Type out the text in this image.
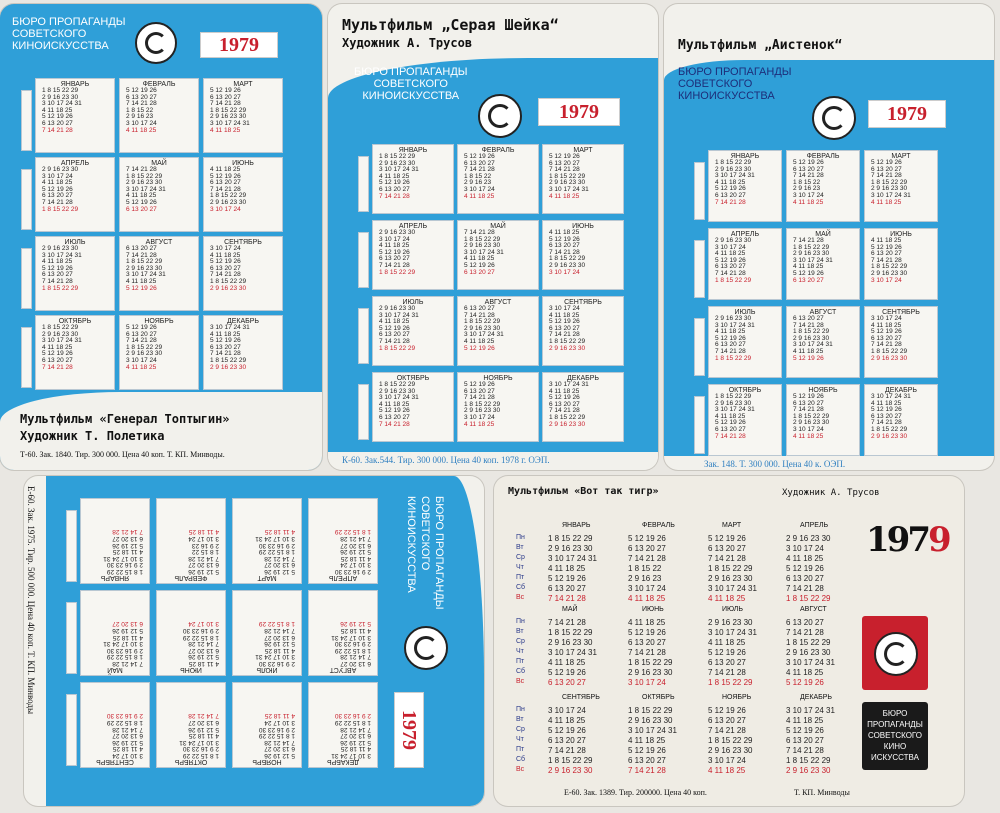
БЮРО ПРОПАГАНДЫ
СОВЕТСКОГО
КИНОИСКУССТВА	1979
Мультфильм «Генерал Топтыгин»
Художник Т. Полетика
Т-60. Зак. 1840. Тир. 300 000. Цена 40 коп. Т. КП. Минводы.
ЯНВАРЬ
1 8 15 22 29
2 9 16 23 30
3 10 17 24 31
4 11 18 25
5 12 19 26
6 13 20 27
7 14 21 28
ФЕВРАЛЬ
5 12 19 26
6 13 20 27
7 14 21 28
1 8 15 22
2 9 16 23
3 10 17 24
4 11 18 25
МАРТ
5 12 19 26
6 13 20 27
7 14 21 28
1 8 15 22 29
2 9 16 23 30
3 10 17 24 31
4 11 18 25
АПРЕЛЬ
2 9 16 23 30
3 10 17 24
4 11 18 25
5 12 19 26
6 13 20 27
7 14 21 28
1 8 15 22 29
МАЙ
7 14 21 28
1 8 15 22 29
2 9 16 23 30
3 10 17 24 31
4 11 18 25
5 12 19 26
6 13 20 27
ИЮНЬ
4 11 18 25
5 12 19 26
6 13 20 27
7 14 21 28
1 8 15 22 29
2 9 16 23 30
3 10 17 24
ИЮЛЬ
2 9 16 23 30
3 10 17 24 31
4 11 18 25
5 12 19 26
6 13 20 27
7 14 21 28
1 8 15 22 29
АВГУСТ
6 13 20 27
7 14 21 28
1 8 15 22 29
2 9 16 23 30
3 10 17 24 31
4 11 18 25
5 12 19 26
СЕНТЯБРЬ
3 10 17 24
4 11 18 25
5 12 19 26
6 13 20 27
7 14 21 28
1 8 15 22 29
2 9 16 23 30
ОКТЯБРЬ
1 8 15 22 29
2 9 16 23 30
3 10 17 24 31
4 11 18 25
5 12 19 26
6 13 20 27
7 14 21 28
НОЯБРЬ
5 12 19 26
6 13 20 27
7 14 21 28
1 8 15 22 29
2 9 16 23 30
3 10 17 24
4 11 18 25
ДЕКАБРЬ
3 10 17 24 31
4 11 18 25
5 12 19 26
6 13 20 27
7 14 21 28
1 8 15 22 29
2 9 16 23 30
Мультфильм „Серая Шейка“
Художник А. Трусов
БЮРО ПРОПАГАНДЫ
СОВЕТСКОГО
КИНОИСКУССТВА
1979
К-60. Зак.544. Тир. 300 000. Цена 40 коп. 1978 г. ОЭП.
ЯНВАРЬ
1 8 15 22 29
2 9 16 23 30
3 10 17 24 31
4 11 18 25
5 12 19 26
6 13 20 27
7 14 21 28
ФЕВРАЛЬ
5 12 19 26
6 13 20 27
7 14 21 28
1 8 15 22
2 9 16 23
3 10 17 24
4 11 18 25
МАРТ
5 12 19 26
6 13 20 27
7 14 21 28
1 8 15 22 29
2 9 16 23 30
3 10 17 24 31
4 11 18 25
АПРЕЛЬ
2 9 16 23 30
3 10 17 24
4 11 18 25
5 12 19 26
6 13 20 27
7 14 21 28
1 8 15 22 29
МАЙ
7 14 21 28
1 8 15 22 29
2 9 16 23 30
3 10 17 24 31
4 11 18 25
5 12 19 26
6 13 20 27
ИЮНЬ
4 11 18 25
5 12 19 26
6 13 20 27
7 14 21 28
1 8 15 22 29
2 9 16 23 30
3 10 17 24
ИЮЛЬ
2 9 16 23 30
3 10 17 24 31
4 11 18 25
5 12 19 26
6 13 20 27
7 14 21 28
1 8 15 22 29
АВГУСТ
6 13 20 27
7 14 21 28
1 8 15 22 29
2 9 16 23 30
3 10 17 24 31
4 11 18 25
5 12 19 26
СЕНТЯБРЬ
3 10 17 24
4 11 18 25
5 12 19 26
6 13 20 27
7 14 21 28
1 8 15 22 29
2 9 16 23 30
ОКТЯБРЬ
1 8 15 22 29
2 9 16 23 30
3 10 17 24 31
4 11 18 25
5 12 19 26
6 13 20 27
7 14 21 28
НОЯБРЬ
5 12 19 26
6 13 20 27
7 14 21 28
1 8 15 22 29
2 9 16 23 30
3 10 17 24
4 11 18 25
ДЕКАБРЬ
3 10 17 24 31
4 11 18 25
5 12 19 26
6 13 20 27
7 14 21 28
1 8 15 22 29
2 9 16 23 30
Мультфильм „Аистенок“
БЮРО ПРОПАГАНДЫ
СОВЕТСКОГО
КИНОИСКУССТВА
1979
Зак. 148. Т. 300 000. Цена 40 к. ОЭП.
ЯНВАРЬ
1 8 15 22 29
2 9 16 23 30
3 10 17 24 31
4 11 18 25
5 12 19 26
6 13 20 27
7 14 21 28
ФЕВРАЛЬ
5 12 19 26
6 13 20 27
7 14 21 28
1 8 15 22
2 9 16 23
3 10 17 24
4 11 18 25
МАРТ
5 12 19 26
6 13 20 27
7 14 21 28
1 8 15 22 29
2 9 16 23 30
3 10 17 24 31
4 11 18 25
АПРЕЛЬ
2 9 16 23 30
3 10 17 24
4 11 18 25
5 12 19 26
6 13 20 27
7 14 21 28
1 8 15 22 29
МАЙ
7 14 21 28
1 8 15 22 29
2 9 16 23 30
3 10 17 24 31
4 11 18 25
5 12 19 26
6 13 20 27
ИЮНЬ
4 11 18 25
5 12 19 26
6 13 20 27
7 14 21 28
1 8 15 22 29
2 9 16 23 30
3 10 17 24
ИЮЛЬ
2 9 16 23 30
3 10 17 24 31
4 11 18 25
5 12 19 26
6 13 20 27
7 14 21 28
1 8 15 22 29
АВГУСТ
6 13 20 27
7 14 21 28
1 8 15 22 29
2 9 16 23 30
3 10 17 24 31
4 11 18 25
5 12 19 26
СЕНТЯБРЬ
3 10 17 24
4 11 18 25
5 12 19 26
6 13 20 27
7 14 21 28
1 8 15 22 29
2 9 16 23 30
ОКТЯБРЬ
1 8 15 22 29
2 9 16 23 30
3 10 17 24 31
4 11 18 25
5 12 19 26
6 13 20 27
7 14 21 28
НОЯБРЬ
5 12 19 26
6 13 20 27
7 14 21 28
1 8 15 22 29
2 9 16 23 30
3 10 17 24
4 11 18 25
ДЕКАБРЬ
3 10 17 24 31
4 11 18 25
5 12 19 26
6 13 20 27
7 14 21 28
1 8 15 22 29
2 9 16 23 30
Е-60. Зак. 1975. Тир. 500 000. Цена 40 коп. Т. КП. Минводы	БЮРО ПРОПАГАНДЫ
СОВЕТСКОГО
КИНОИСКУССТВА
1979
ЯНВАРЬ
1 8 15 22 29
2 9 16 23 30
3 10 17 24 31
4 11 18 25
5 12 19 26
6 13 20 27
7 14 21 28
ФЕВРАЛЬ
5 12 19 26
6 13 20 27
7 14 21 28
1 8 15 22
2 9 16 23
3 10 17 24
4 11 18 25
МАРТ
5 12 19 26
6 13 20 27
7 14 21 28
1 8 15 22 29
2 9 16 23 30
3 10 17 24 31
4 11 18 25
АПРЕЛЬ
2 9 16 23 30
3 10 17 24
4 11 18 25
5 12 19 26
6 13 20 27
7 14 21 28
1 8 15 22 29
МАЙ
7 14 21 28
1 8 15 22 29
2 9 16 23 30
3 10 17 24 31
4 11 18 25
5 12 19 26
6 13 20 27
ИЮНЬ
4 11 18 25
5 12 19 26
6 13 20 27
7 14 21 28
1 8 15 22 29
2 9 16 23 30
3 10 17 24
ИЮЛЬ
2 9 16 23 30
3 10 17 24 31
4 11 18 25
5 12 19 26
6 13 20 27
7 14 21 28
1 8 15 22 29
АВГУСТ
6 13 20 27
7 14 21 28
1 8 15 22 29
2 9 16 23 30
3 10 17 24 31
4 11 18 25
5 12 19 26
СЕНТЯБРЬ
3 10 17 24
4 11 18 25
5 12 19 26
6 13 20 27
7 14 21 28
1 8 15 22 29
2 9 16 23 30
ОКТЯБРЬ
1 8 15 22 29
2 9 16 23 30
3 10 17 24 31
4 11 18 25
5 12 19 26
6 13 20 27
7 14 21 28
НОЯБРЬ
5 12 19 26
6 13 20 27
7 14 21 28
1 8 15 22 29
2 9 16 23 30
3 10 17 24
4 11 18 25
ДЕКАБРЬ
3 10 17 24 31
4 11 18 25
5 12 19 26
6 13 20 27
7 14 21 28
1 8 15 22 29
2 9 16 23 30
Мультфильм «Вот так тигр»	Художник А. Трусов
1979
БЮРО
ПРОПАГАНДЫ
СОВЕТСКОГО
КИНО
ИСКУССТВА
Е-60. Зак. 1389. Тир. 200000. Цена 40 коп.	Т. КП. Минводы
Пн
Вт
Ср
Чт
Пт
Сб
Вс
Пн
Вт
Ср
Чт
Пт
Сб
Вс
Пн
Вт
Ср
Чт
Пт
Сб
Вс
ЯНВАРЬ
1 8 15 22 29
2 9 16 23 30
3 10 17 24 31
4 11 18 25
5 12 19 26
6 13 20 27
7 14 21 28
ФЕВРАЛЬ
5 12 19 26
6 13 20 27
7 14 21 28
1 8 15 22
2 9 16 23
3 10 17 24
4 11 18 25
МАРТ
5 12 19 26
6 13 20 27
7 14 21 28
1 8 15 22 29
2 9 16 23 30
3 10 17 24 31
4 11 18 25
АПРЕЛЬ
2 9 16 23 30
3 10 17 24
4 11 18 25
5 12 19 26
6 13 20 27
7 14 21 28
1 8 15 22 29
МАЙ
7 14 21 28
1 8 15 22 29
2 9 16 23 30
3 10 17 24 31
4 11 18 25
5 12 19 26
6 13 20 27
ИЮНЬ
4 11 18 25
5 12 19 26
6 13 20 27
7 14 21 28
1 8 15 22 29
2 9 16 23 30
3 10 17 24
ИЮЛЬ
2 9 16 23 30
3 10 17 24 31
4 11 18 25
5 12 19 26
6 13 20 27
7 14 21 28
1 8 15 22 29
АВГУСТ
6 13 20 27
7 14 21 28
1 8 15 22 29
2 9 16 23 30
3 10 17 24 31
4 11 18 25
5 12 19 26
СЕНТЯБРЬ
3 10 17 24
4 11 18 25
5 12 19 26
6 13 20 27
7 14 21 28
1 8 15 22 29
2 9 16 23 30
ОКТЯБРЬ
1 8 15 22 29
2 9 16 23 30
3 10 17 24 31
4 11 18 25
5 12 19 26
6 13 20 27
7 14 21 28
НОЯБРЬ
5 12 19 26
6 13 20 27
7 14 21 28
1 8 15 22 29
2 9 16 23 30
3 10 17 24
4 11 18 25
ДЕКАБРЬ
3 10 17 24 31
4 11 18 25
5 12 19 26
6 13 20 27
7 14 21 28
1 8 15 22 29
2 9 16 23 30
